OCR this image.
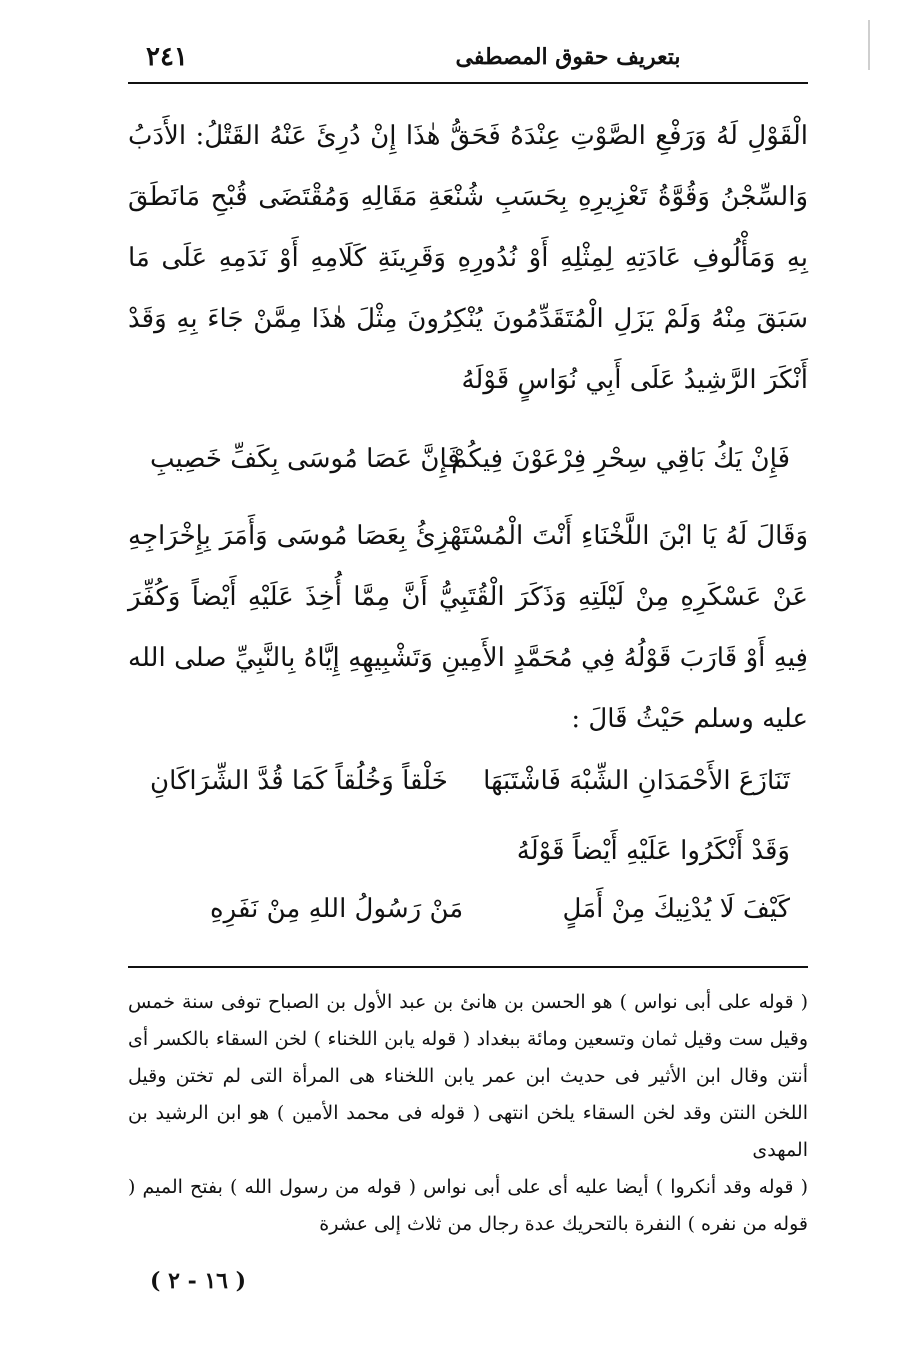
بتعريف حقوق المصطفى
٢٤١

الْقَوْلِ لَهُ وَرَفْعِ الصَّوْتِ عِنْدَهُ فَحَقُّ هٰذَا إِنْ دُرِئَ عَنْهُ القَتْلُ: الأَدَبُ وَالسِّجْنُ وَقُوَّةُ تَعْزِيرِهِ بِحَسَبِ شُنْعَةِ مَقَالِهِ وَمُقْتَضَى قُبْحِ مَانَطَقَ بِهِ وَمَأْلُوفِ عَادَتِهِ لِمِثْلِهِ أَوْ نُدُورِهِ وَقَرِينَةِ كَلَامِهِ أَوْ نَدَمِهِ عَلَى مَا سَبَقَ مِنْهُ وَلَمْ يَزَلِ الْمُتَقَدِّمُونَ يُنْكِرُونَ مِثْلَ هٰذَا مِمَّنْ جَاءَ بِهِ وَقَدْ أَنْكَرَ الرَّشِيدُ عَلَى أَبِي نُوَاسٍ قَوْلَهُ

فَإِنْ يَكُ بَاقِي سِحْرِ فِرْعَوْنَ فِيكُمْ
فَإِنَّ عَصَا مُوسَى بِكَفِّ خَصِيبِ

وَقَالَ لَهُ يَا ابْنَ اللَّخْنَاءِ أَنْتَ الْمُسْتَهْزِئُ بِعَصَا مُوسَى وَأَمَرَ بِإِخْرَاجِهِ عَنْ عَسْكَرِهِ مِنْ لَيْلَتِهِ وَذَكَرَ الْقُتَبِيُّ أَنَّ مِمَّا أُخِذَ عَلَيْهِ أَيْضاً وَكُفِّرَ فِيهِ أَوْ قَارَبَ قَوْلُهُ فِي مُحَمَّدٍ الأَمِينِ وَتَشْبِيهِهِ إِيَّاهُ بِالنَّبِيِّ صلى الله عليه وسلم حَيْثُ قَالَ :

تَنَازَعَ الأَحْمَدَانِ الشِّبْهَ فَاشْتَبَهَا
خَلْقاً وَخُلُقاً كَمَا قُدَّ الشِّرَاكَانِ
وَقَدْ أَنْكَرُوا عَلَيْهِ أَيْضاً قَوْلَهُ
كَيْفَ لَا يُدْنِيكَ مِنْ أَمَلٍ
مَنْ رَسُولُ اللهِ مِنْ نَفَرِهِ

( قوله على أبى نواس ) هو الحسن بن هانئ بن عبد الأول بن الصباح توفى سنة خمس وقيل ست وقيل ثمان وتسعين ومائة ببغداد ( قوله يابن اللخناء ) لخن السقاء بالكسر أى أنتن وقال ابن الأثير فى حديث ابن عمر يابن اللخناء هى المرأة التى لم تختن وقيل اللخن النتن وقد لخن السقاء يلخن انتهى ( قوله فى محمد الأمين ) هو ابن الرشيد بن المهدى

( قوله وقد أنكروا ) أيضا عليه أى على أبى نواس ( قوله من رسول الله ) بفتح الميم ( قوله من نفره ) النفرة بالتحريك عدة رجال من ثلاث إلى عشرة

( ١٦ - ٢ )
